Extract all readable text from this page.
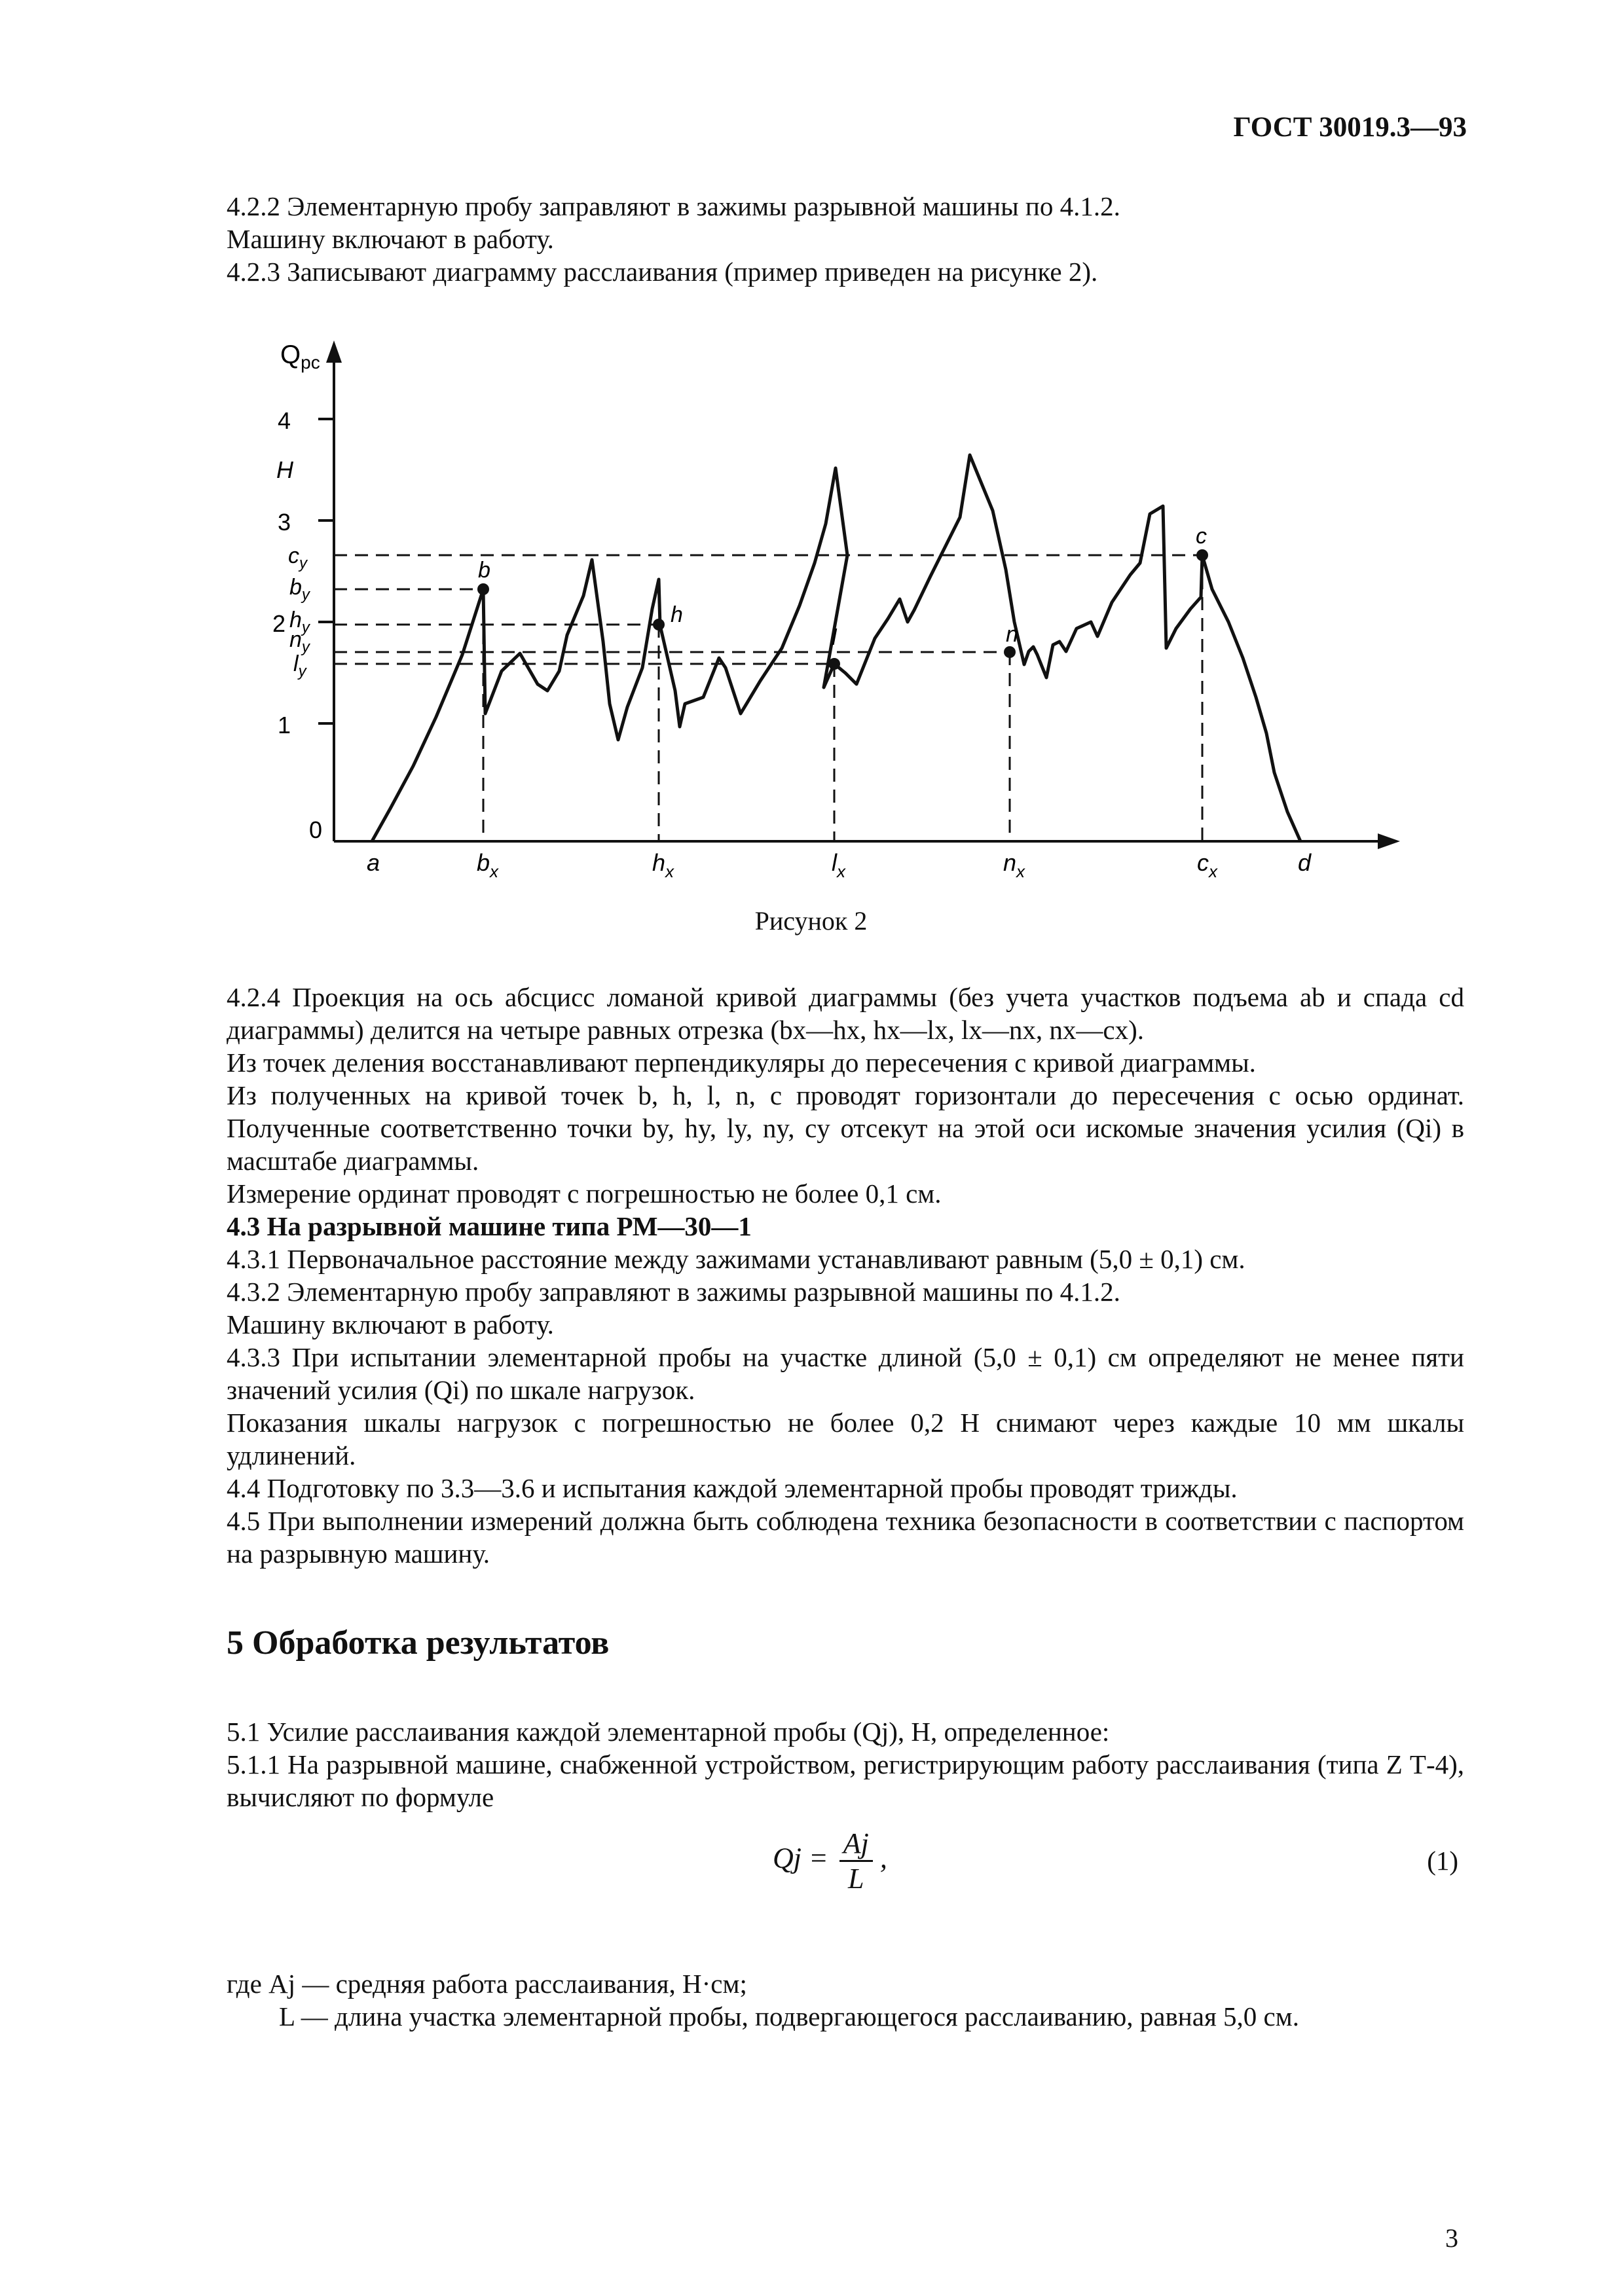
ГОСТ 30019.3—93

4.2.2 Элементарную пробу заправляют в зажимы разрывной машины по 4.1.2.

Машину включают в работу.

4.2.3 Записывают диаграмму расслаивания (пример приведен на рисунке 2).

$Q_{рс}$
4
H
3
2
1
0
$c_y$
$b_y$
$h_y$
$n_y$
$l_y$
b
h
l	n
c
a	$b_x$	$h_x$	$l_x$	$n_x$	$c_x$	d
Рисунок 2

4.2.4 Проекция на ось абсцисс ломаной кривой диаграммы (без учета участков подъема ab и спада cd диаграммы) делится на четыре равных отрезка (bx—hx, hx—lx, lx—nx, nx—cx).

Из точек деления восстанавливают перпендикуляры до пересечения с кривой диаграммы.

Из полученных на кривой точек b, h, l, n, c проводят горизонтали до пересечения с осью ординат. Полученные соответственно точки by, hy, ly, ny, cy отсекут на этой оси искомые значения усилия (Qi) в масштабе диаграммы.

Измерение ординат проводят с погрешностью не более 0,1 см.

4.3 На разрывной машине типа РМ—30—1

4.3.1 Первоначальное расстояние между зажимами устанавливают равным (5,0 ± 0,1) см.

4.3.2 Элементарную пробу заправляют в зажимы разрывной машины по 4.1.2.

Машину включают в работу.

4.3.3 При испытании элементарной пробы на участке длиной (5,0 ± 0,1) см определяют не менее пяти значений усилия (Qi) по шкале нагрузок.

Показания шкалы нагрузок с погрешностью не более 0,2 Н снимают через каждые 10 мм шкалы удлинений.

4.4 Подготовку по 3.3—3.6 и испытания каждой элементарной пробы проводят трижды.

4.5 При выполнении измерений должна быть соблюдена техника безопасности в соответствии с паспортом на разрывную машину.

5 Обработка результатов

5.1 Усилие расслаивания каждой элементарной пробы (Qj), Н, определенное:

5.1.1 На разрывной машине, снабженной устройством, регистрирующим работу расслаивания (типа Z Т-4), вычисляют по формуле

$Qj = \frac{Aj}{L}$ ,	(1)

где Aj — средняя работа расслаивания, Н·см;

L — длина участка элементарной пробы, подвергающегося расслаиванию, равная 5,0 см.

3
